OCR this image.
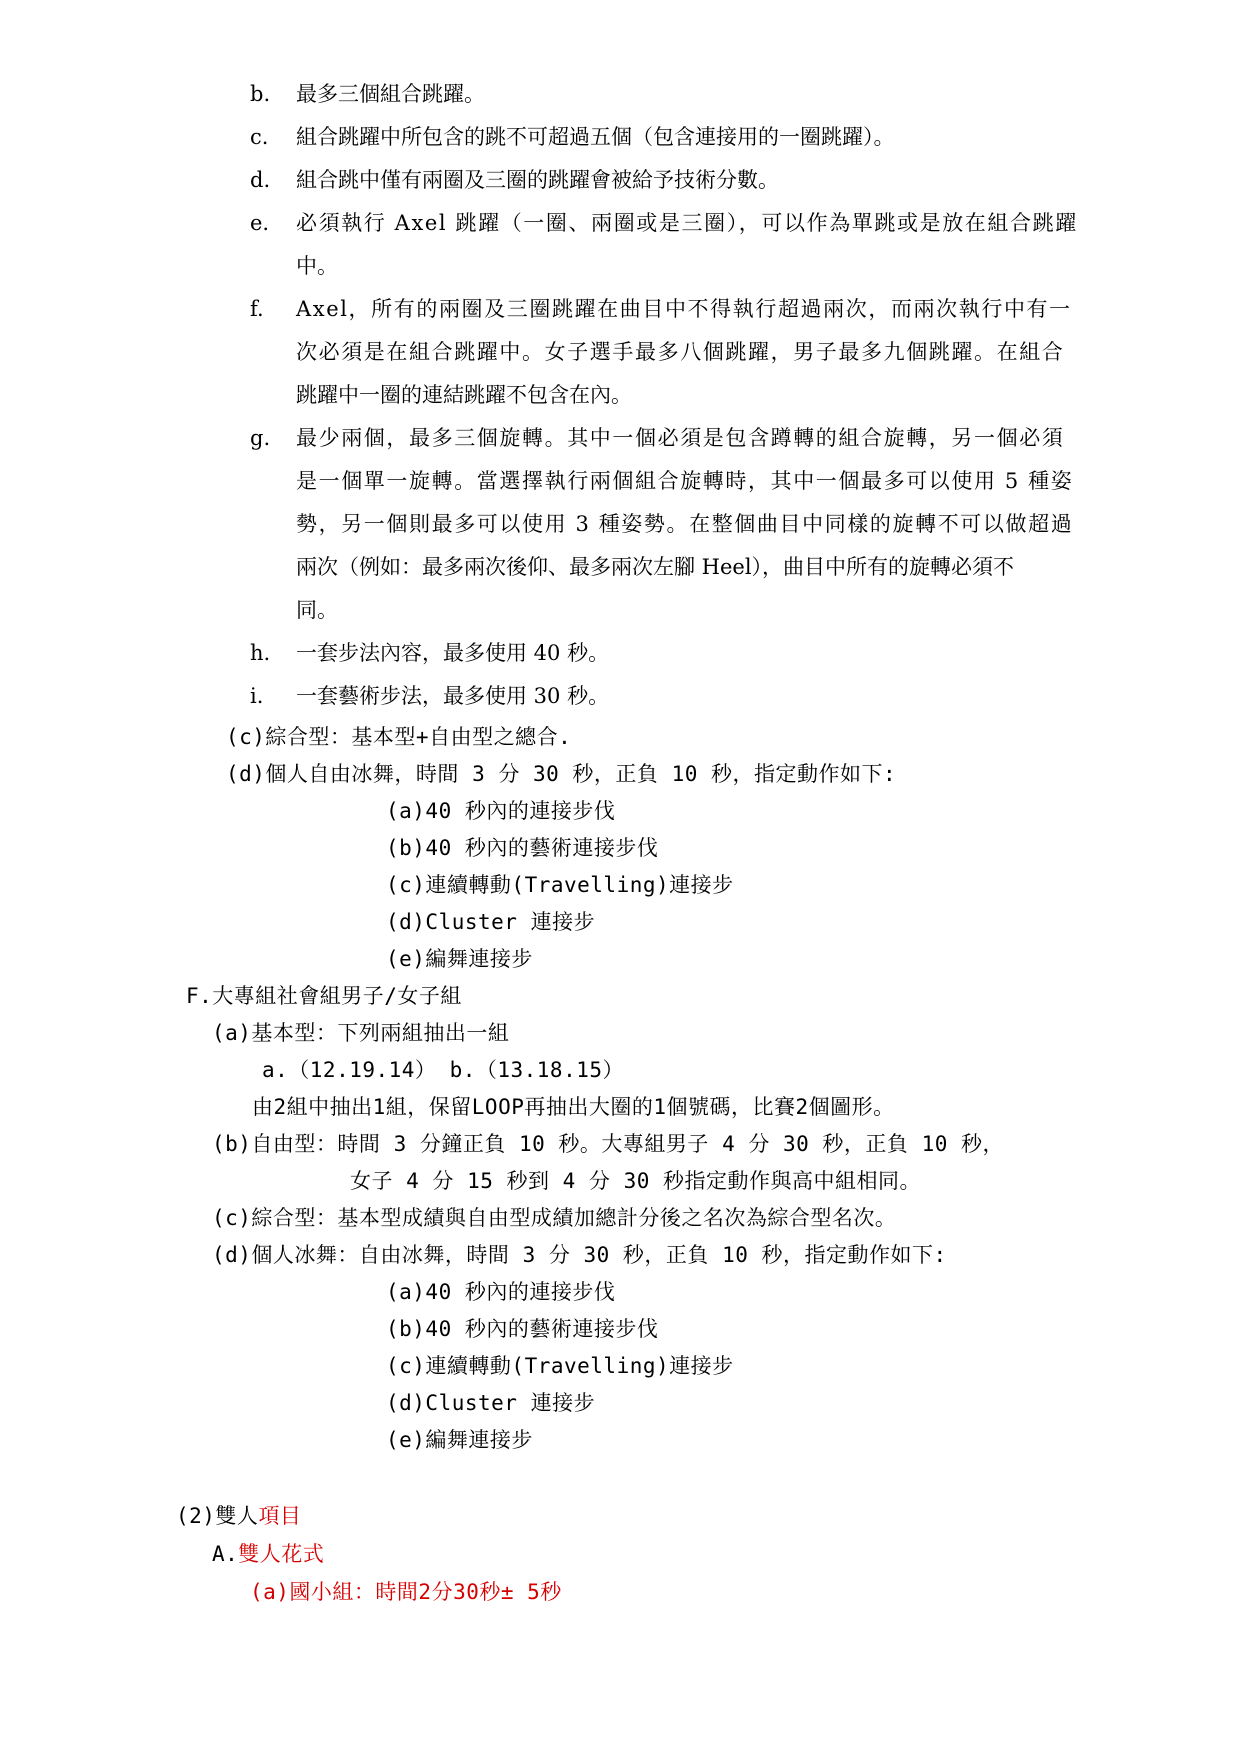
b. 最多三個組合跳躍。
c. 組合跳躍中所包含的跳不可超過五個（包含連接用的一圈跳躍）。
d. 組合跳中僅有兩圈及三圈的跳躍會被給予技術分數。
e. 必須執行 Axel 跳躍（一圈、兩圈或是三圈），可以作為單跳或是放在組合跳躍
中。
f. Axel，所有的兩圈及三圈跳躍在曲目中不得執行超過兩次，而兩次執行中有一
次必須是在組合跳躍中。女子選手最多八個跳躍，男子最多九個跳躍。在組合
跳躍中一圈的連結跳躍不包含在內。
g. 最少兩個，最多三個旋轉。其中一個必須是包含蹲轉的組合旋轉，另一個必須
是一個單一旋轉。當選擇執行兩個組合旋轉時，其中一個最多可以使用 5 種姿
勢，另一個則最多可以使用 3 種姿勢。在整個曲目中同樣的旋轉不可以做超過
兩次（例如：最多兩次後仰、最多兩次左腳 Heel），曲目中所有的旋轉必須不
同。
h. 一套步法內容，最多使用 40 秒。
i. 一套藝術步法，最多使用 30 秒。
(c)綜合型：基本型+自由型之總合.
(d)個人自由冰舞，時間 3 分 30 秒，正負 10 秒，指定動作如下:
(a)40 秒內的連接步伐
(b)40 秒內的藝術連接步伐
(c)連續轉動(Travelling)連接步
(d)Cluster 連接步
(e)編舞連接步
F.大專組社會組男子/女子組
(a)基本型：下列兩組抽出一組
a.（12.19.14） b.（13.18.15）
由2組中抽出1組，保留LOOP再抽出大圈的1個號碼，比賽2個圖形。
(b)自由型：時間 3 分鐘正負 10 秒。大專組男子 4 分 30 秒，正負 10 秒，
女子 4 分 15 秒到 4 分 30 秒指定動作與高中組相同。
(c)綜合型：基本型成績與自由型成績加總計分後之名次為綜合型名次。
(d)個人冰舞：自由冰舞，時間 3 分 30 秒，正負 10 秒，指定動作如下:
(a)40 秒內的連接步伐
(b)40 秒內的藝術連接步伐
(c)連續轉動(Travelling)連接步
(d)Cluster 連接步
(e)編舞連接步
(2)雙人項目
A.雙人花式
(a)國小組：時間2分30秒± 5秒
